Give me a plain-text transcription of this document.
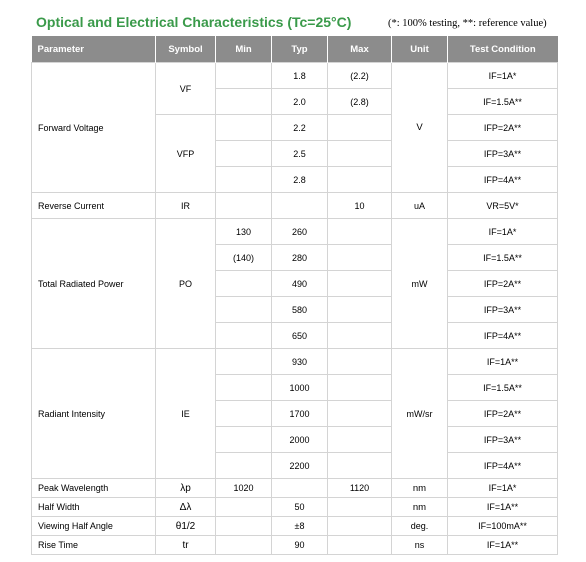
Optical and Electrical Characteristics (Tc=25°C)	(*: 100% testing, **: reference value)
Parameter	Symbol	Min	Typ	Max	Unit	Test Condition
Forward Voltage	VF		1.8	(2.2)	V	IF=1A*
			2.0	(2.8)		IF=1.5A**
	VFP		2.2			IFP=2A**
			2.5			IFP=3A**
			2.8			IFP=4A**
Reverse Current	IR			10	uA	VR=5V*
Total Radiated Power	PO	130	260		mW	IF=1A*
		(140)	280			IF=1.5A**
			490			IFP=2A**
			580			IFP=3A**
			650			IFP=4A**
Radiant Intensity	IE		930		mW/sr	IF=1A**
			1000			IF=1.5A**
			1700			IFP=2A**
			2000			IFP=3A**
			2200			IFP=4A**
Peak Wavelength	λp	1020		1120	nm	IF=1A*
Half Width	Δλ		50		nm	IF=1A**
Viewing Half Angle	θ1/2		±8		deg.	IF=100mA**
Rise Time	tr		90		ns	IF=1A**
